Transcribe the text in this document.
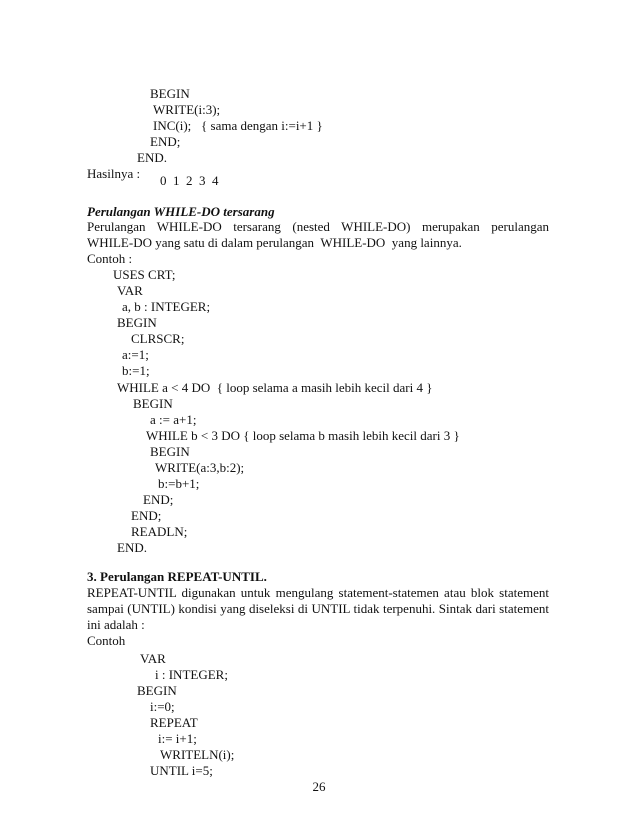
BEGIN
WRITE(i:3);
INC(i);   { sama dengan i:=i+1 }
END;
END.
Hasilnya : 0  1  2  3  4
Perulangan WHILE-DO tersarang
Perulangan WHILE-DO tersarang (nested WHILE-DO) merupakan perulangan
WHILE-DO yang satu di dalam perulangan  WHILE-DO  yang lainnya.
Contoh :
USES CRT;
VAR
a, b : INTEGER;
BEGIN
CLRSCR;
a:=1;
b:=1;
WHILE a < 4 DO  { loop selama a masih lebih kecil dari 4 }
BEGIN
a := a+1;
WHILE b < 3 DO { loop selama b masih lebih kecil dari 3 }
BEGIN
WRITE(a:3,b:2);
b:=b+1;
END;
END;
READLN;
END.
3. Perulangan REPEAT-UNTIL.
REPEAT-UNTIL digunakan untuk mengulang statement-statemen atau blok statement
sampai (UNTIL) kondisi yang diseleksi di UNTIL tidak terpenuhi. Sintak dari statement
ini adalah :
Contoh
VAR
i : INTEGER;
BEGIN
i:=0;
REPEAT
i:= i+1;
WRITELN(i);
UNTIL i=5;
26
